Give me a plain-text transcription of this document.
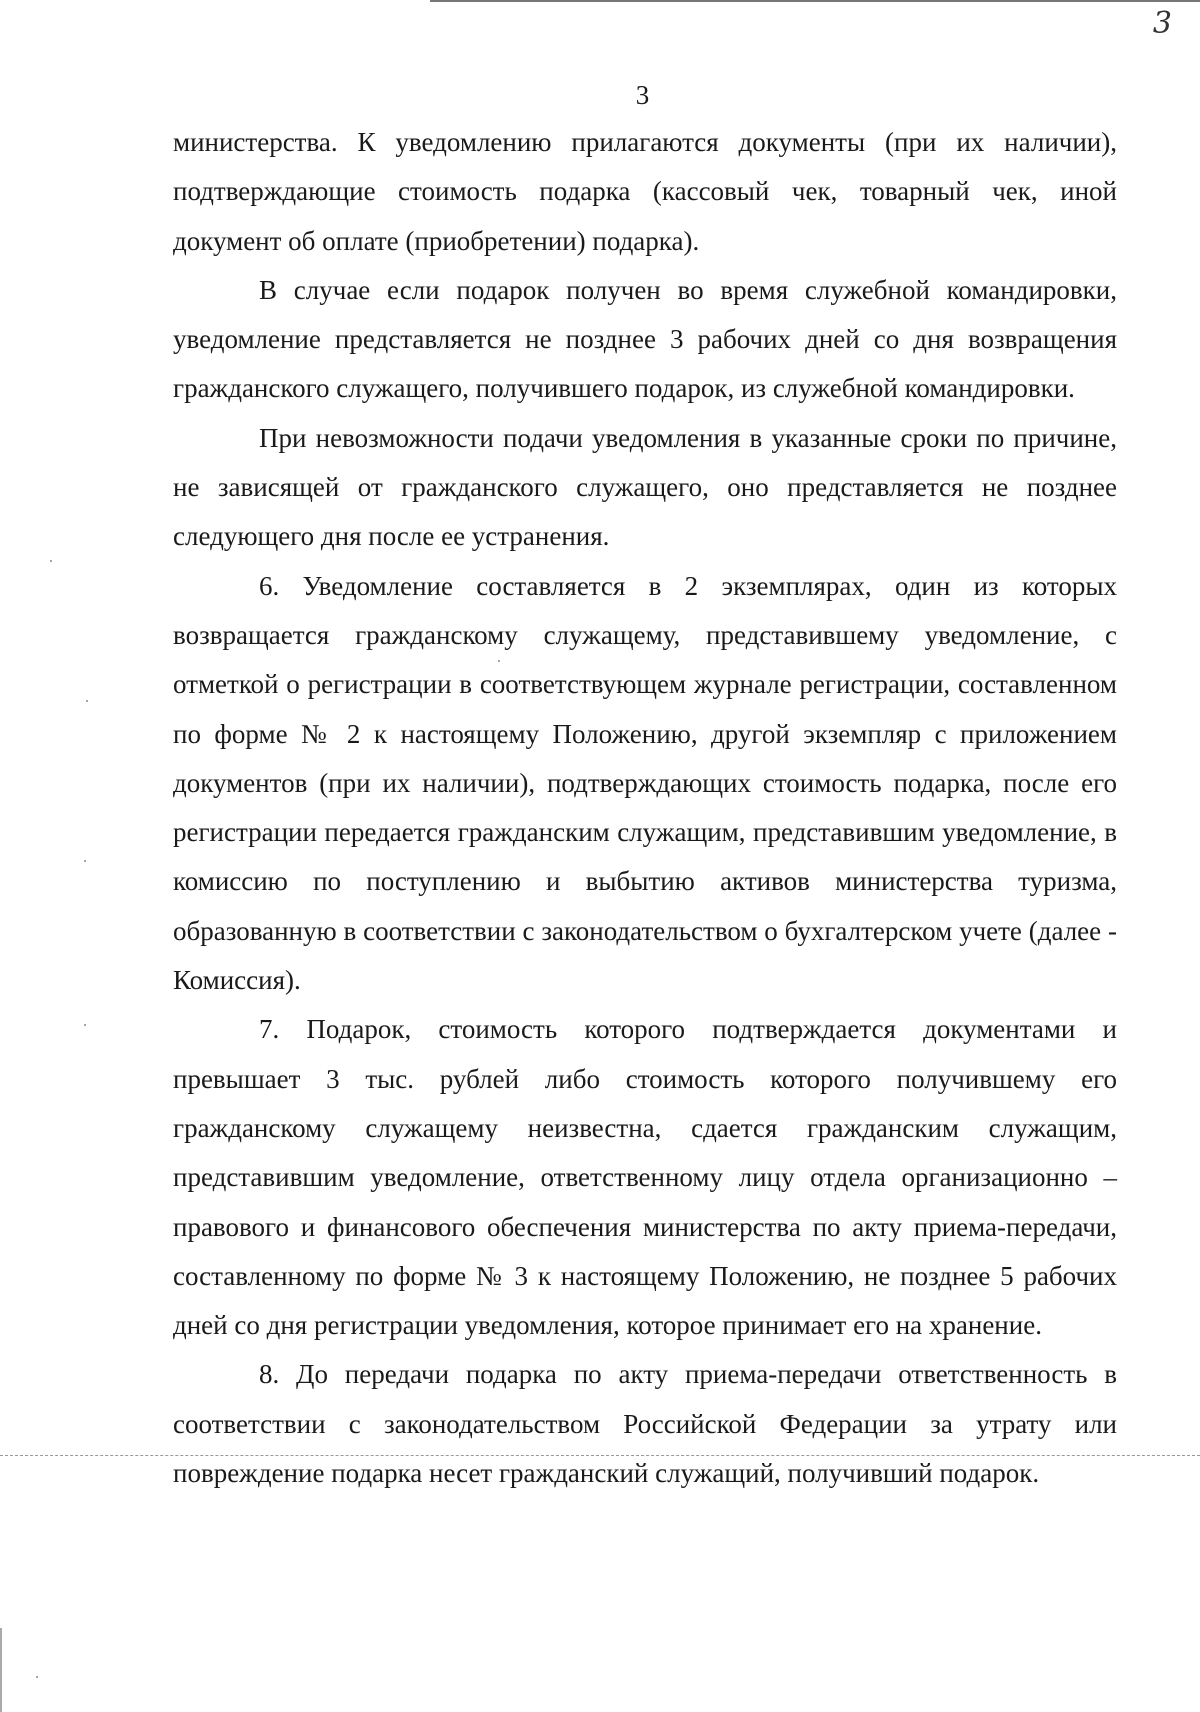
3
3

министерства. К уведомлению прилагаются документы (при их наличии), подтверждающие стоимость подарка (кассовый чек, товарный чек, иной документ об оплате (приобретении) подарка).

В случае если подарок получен во время служебной командировки, уведомление представляется не позднее 3 рабочих дней со дня возвращения гражданского служащего, получившего подарок, из служебной командировки.

При невозможности подачи уведомления в указанные сроки по причине, не зависящей от гражданского служащего, оно представляется не позднее следующего дня после ее устранения.

6. Уведомление составляется в 2 экземплярах, один из которых возвращается гражданскому служащему, представившему уведомление, с отметкой о регистрации в соответствующем журнале регистрации, составленном по форме № 2 к настоящему Положению, другой экземпляр с приложением документов (при их наличии), подтверждающих стоимость подарка, после его регистрации передается гражданским служащим, представившим уведомление, в комиссию по поступлению и выбытию активов министерства туризма, образованную в соответствии с законодательством о бухгалтерском учете (далее - Комиссия).

7. Подарок, стоимость которого подтверждается документами и превышает 3 тыс. рублей либо стоимость которого получившему его гражданскому служащему неизвестна, сдается гражданским служащим, представившим уведомление, ответственному лицу отдела организационно – правового и финансового обеспечения министерства по акту приема-передачи, составленному по форме № 3 к настоящему Положению, не позднее 5 рабочих дней со дня регистрации уведомления, которое принимает его на хранение.

8. До передачи подарка по акту приема-передачи ответственность в соответствии с законодательством Российской Федерации за утрату или повреждение подарка несет гражданский служащий, получивший подарок.
